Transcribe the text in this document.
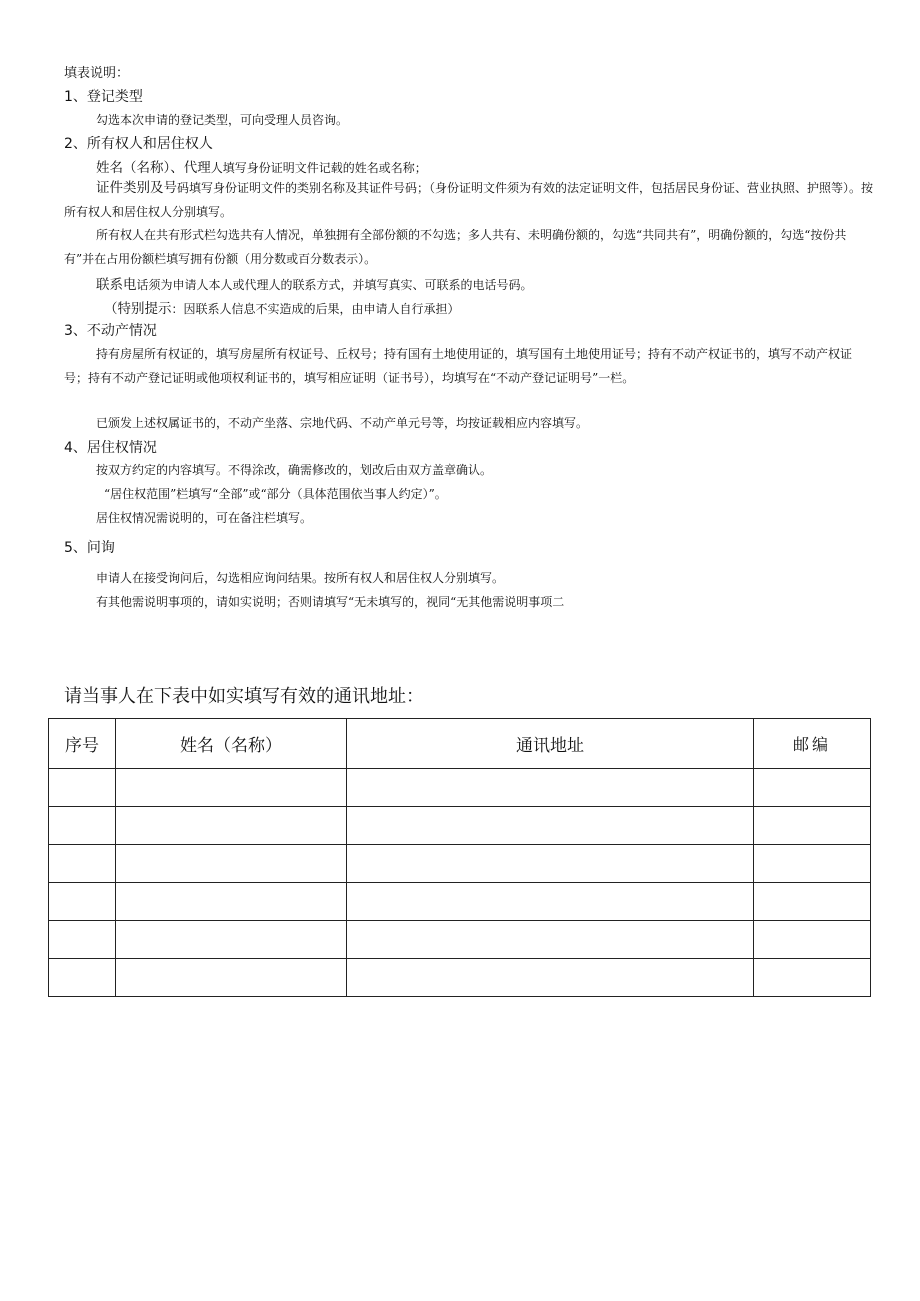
填表说明：
1、登记类型
勾选本次申请的登记类型，可向受理人员咨询。
2、所有权人和居住权人
姓名（名称）、代理人填写身份证明文件记载的姓名或名称；
证件类别及号码填写身份证明文件的类别名称及其证件号码；（身份证明文件须为有效的法定证明文件，包括居民身份证、营业执照、护照等）。按所有权人和居住权人分别填写。
所有权人在共有形式栏勾选共有人情况，单独拥有全部份额的不勾选；多人共有、未明确份额的，勾选“共同共有”，明确份额的，勾选“按份共有”并在占用份额栏填写拥有份额（用分数或百分数表示）。
联系电话须为申请人本人或代理人的联系方式，并填写真实、可联系的电话号码。
（特别提示：因联系人信息不实造成的后果，由申请人自行承担）
3、不动产情况
持有房屋所有权证的，填写房屋所有权证号、丘权号；持有国有土地使用证的，填写国有土地使用证号；持有不动产权证书的，填写不动产权证号；持有不动产登记证明或他项权利证书的，填写相应证明（证书号），均填写在“不动产登记证明号”一栏。
已颁发上述权属证书的，不动产坐落、宗地代码、不动产单元号等，均按证载相应内容填写。
4、居住权情况
按双方约定的内容填写。不得涂改，确需修改的，划改后由双方盖章确认。
“居住权范围”栏填写“全部”或“部分（具体范围依当事人约定）”。
居住权情况需说明的，可在备注栏填写。
5、问询
申请人在接受询问后，勾选相应询问结果。按所有权人和居住权人分别填写。
有其他需说明事项的，请如实说明；否则请填写“无未填写的，视同“无其他需说明事项二
请当事人在下表中如实填写有效的通讯地址：
序号	姓名（名称）	通讯地址	邮编
